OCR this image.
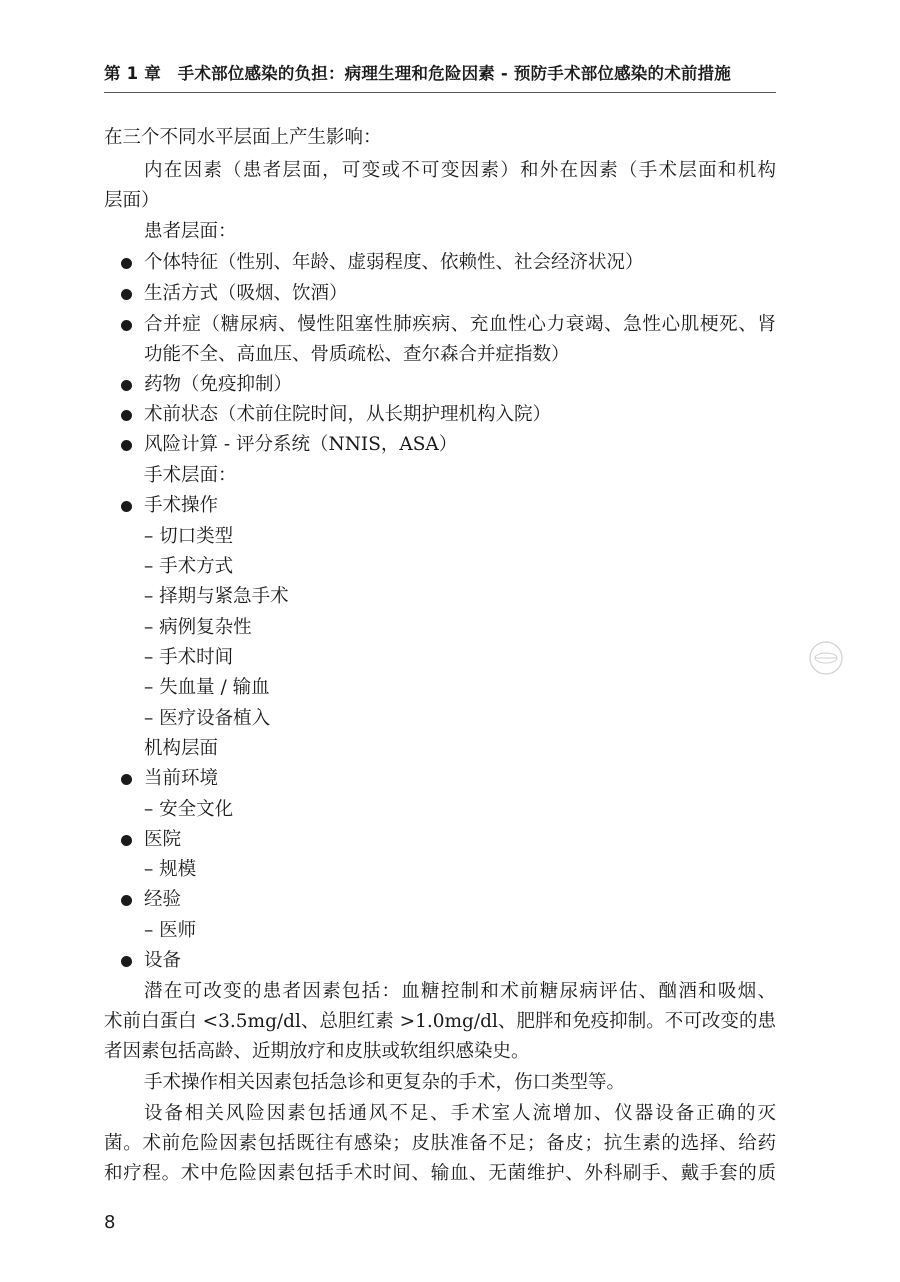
第 1 章　手术部位感染的负担：病理生理和危险因素 - 预防手术部位感染的术前措施
在三个不同水平层面上产生影响：
内在因素（患者层面，可变或不可变因素）和外在因素（手术层面和机构
层面）
患者层面：
个体特征（性别、年龄、虚弱程度、依赖性、社会经济状况）
生活方式（吸烟、饮酒）
合并症（糖尿病、慢性阻塞性肺疾病、充血性心力衰竭、急性心肌梗死、肾
功能不全、高血压、骨质疏松、查尔森合并症指数）
药物（免疫抑制）
术前状态（术前住院时间，从长期护理机构入院）
风险计算 - 评分系统（NNIS，ASA）
手术层面：
手术操作
– 切口类型
– 手术方式
– 择期与紧急手术
– 病例复杂性
– 手术时间
– 失血量 / 输血
– 医疗设备植入
机构层面
当前环境
– 安全文化
医院
– 规模
经验
– 医师
设备
潜在可改变的患者因素包括：血糖控制和术前糖尿病评估、酗酒和吸烟、
术前白蛋白 <3.5mg/dl、总胆红素 >1.0mg/dl、肥胖和免疫抑制。不可改变的患
者因素包括高龄、近期放疗和皮肤或软组织感染史。
手术操作相关因素包括急诊和更复杂的手术，伤口类型等。
设备相关风险因素包括通风不足、手术室人流增加、仪器设备正确的灭
菌。术前危险因素包括既往有感染；皮肤准备不足；备皮；抗生素的选择、给药
和疗程。术中危险因素包括手术时间、输血、无菌维护、外科刷手、戴手套的质
8
